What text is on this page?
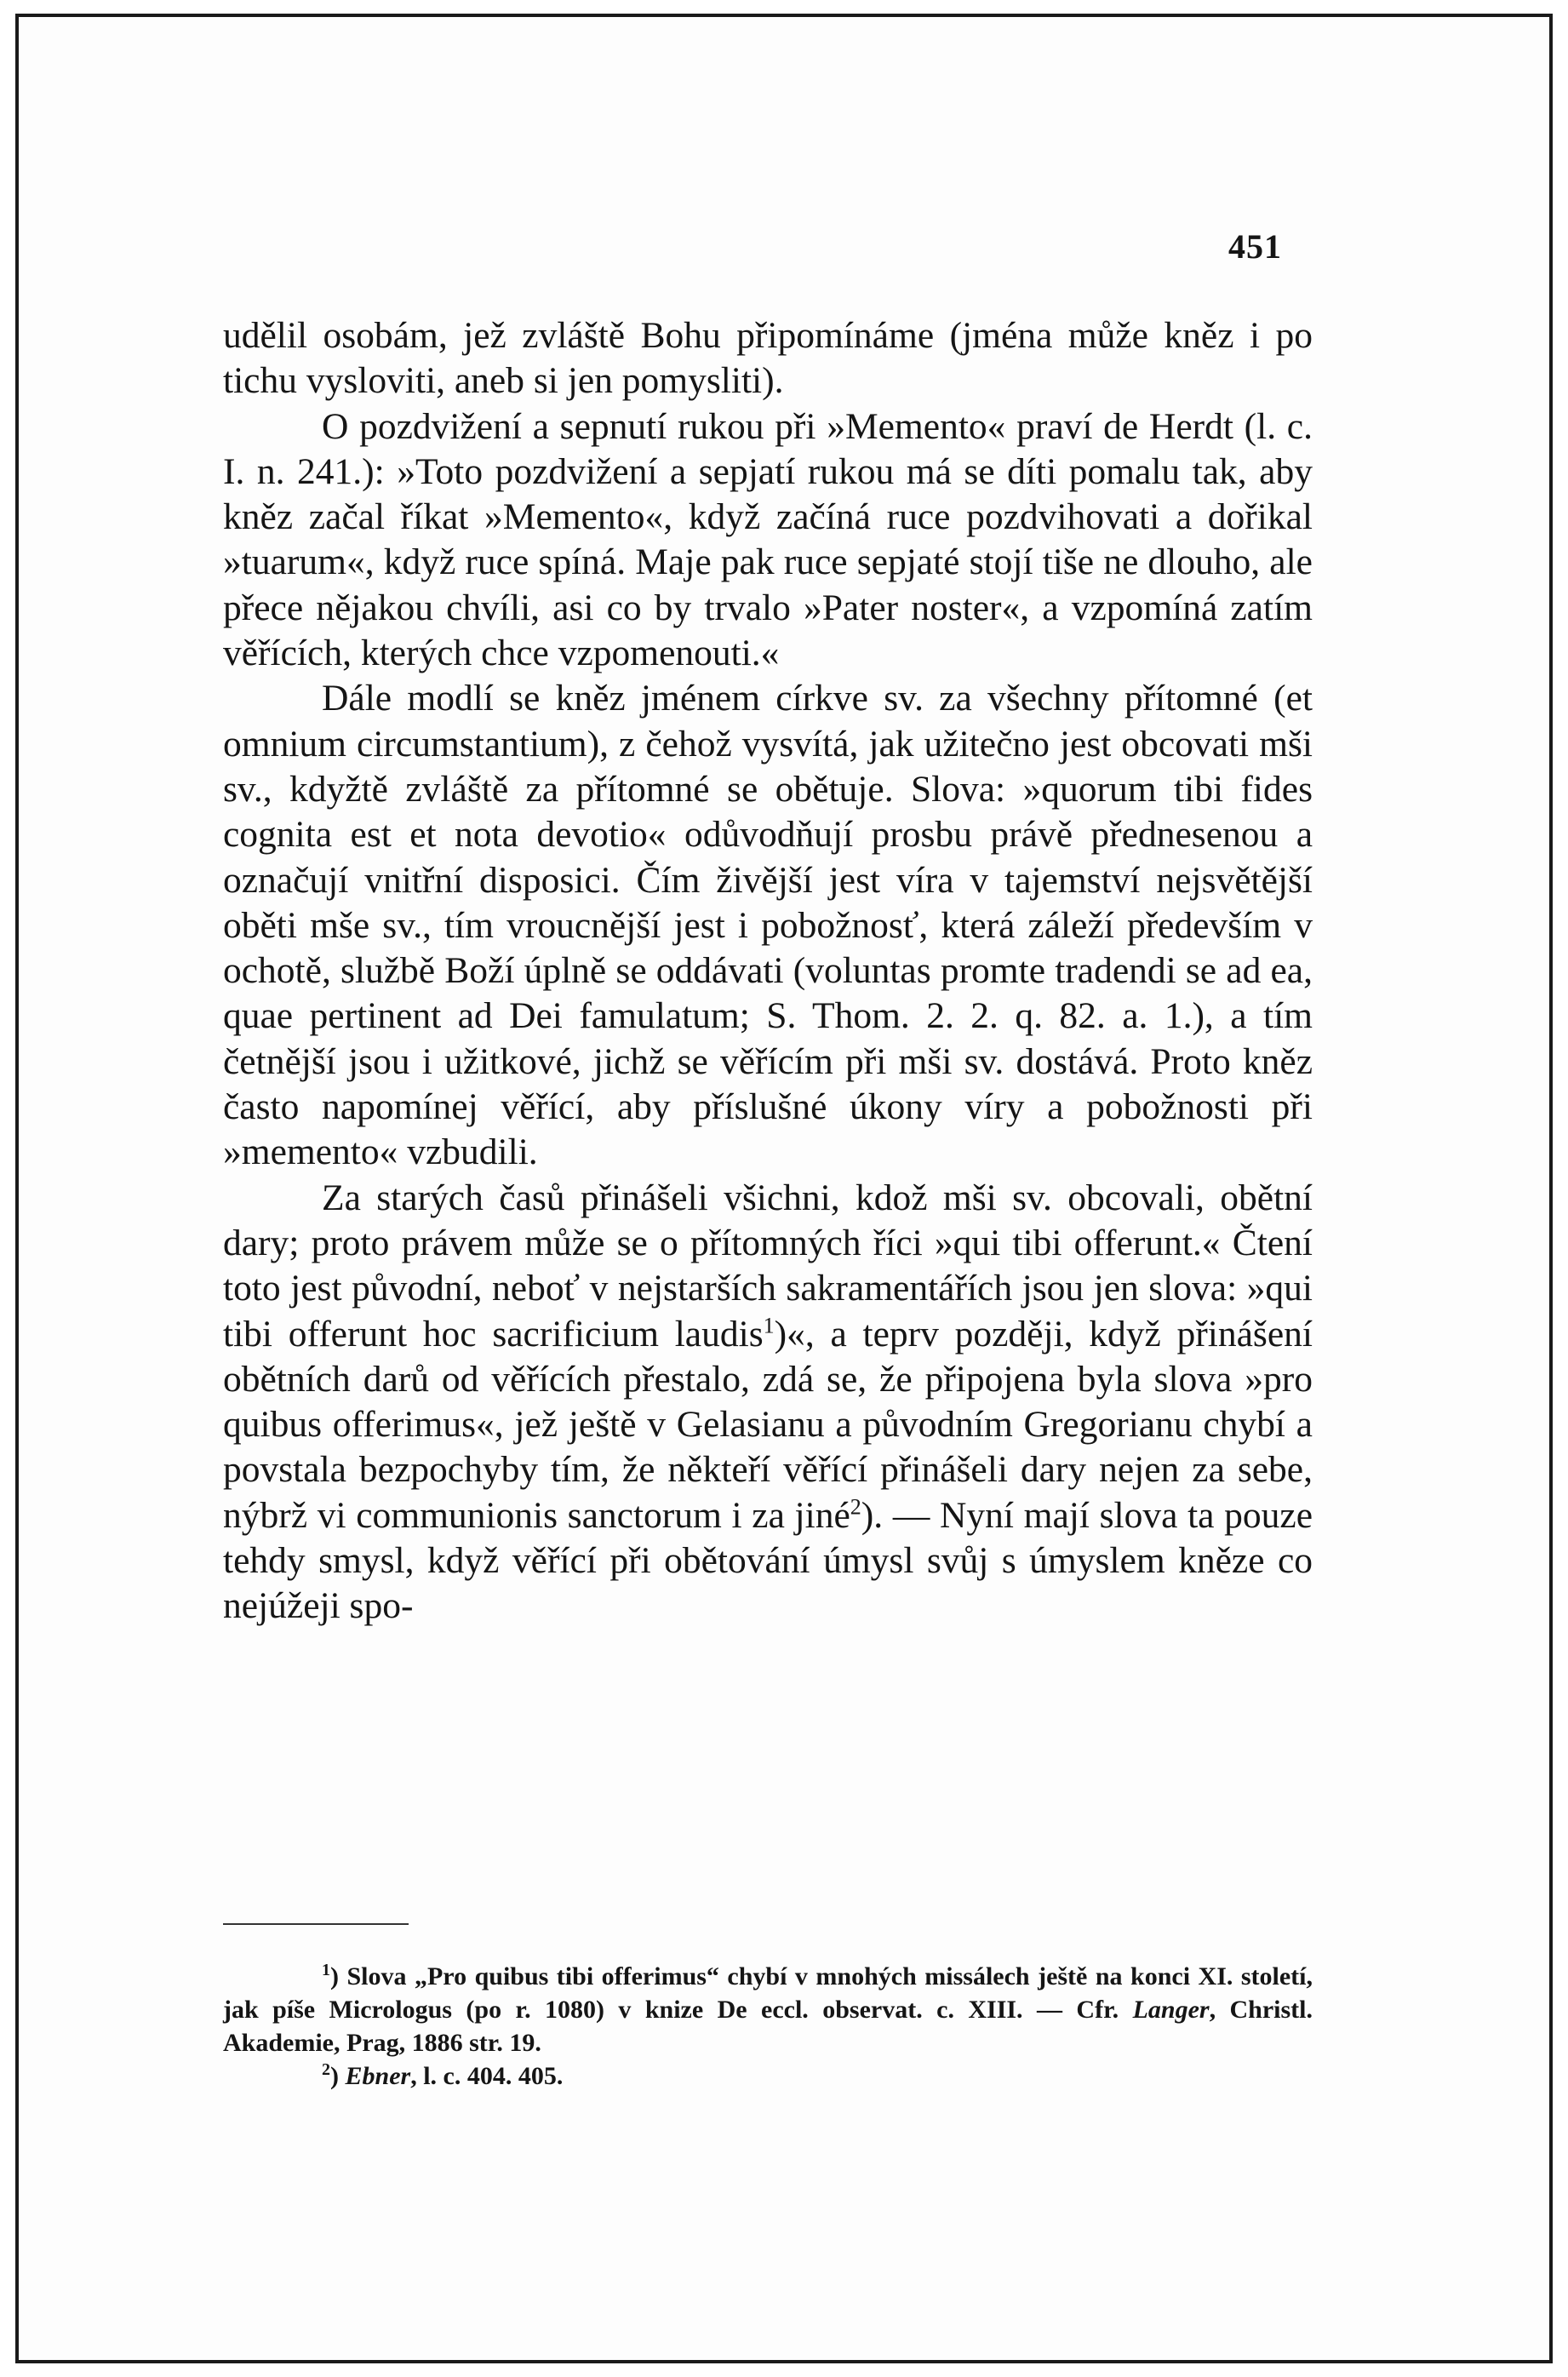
451

udělil osobám, jež zvláště Bohu připomínáme (jména může kněz i po tichu vysloviti, aneb si jen pomysliti).

O pozdvižení a sepnutí rukou při »Memento« praví de Herdt (l. c. I. n. 241.): »Toto pozdvižení a sepjatí rukou má se díti pomalu tak, aby kněz začal říkat »Memento«, když začíná ruce pozdvihovati a dořikal »tuarum«, když ruce spíná. Maje pak ruce sepjaté stojí tiše ne dlouho, ale přece nějakou chvíli, asi co by trvalo »Pater noster«, a vzpomíná zatím věřících, kterých chce vzpomenouti.«

Dále modlí se kněz jménem církve sv. za všechny přítomné (et omnium circumstantium), z čehož vysvítá, jak užitečno jest obcovati mši sv., kdyžtě zvláště za přítomné se obětuje. Slova: »quorum tibi fides cognita est et nota devotio« odůvodňují prosbu právě přednesenou a označují vnitřní disposici. Čím živější jest víra v tajemství nejsvětější oběti mše sv., tím vroucnější jest i pobožnosť, která záleží především v ochotě, službě Boží úplně se oddávati (voluntas promte tradendi se ad ea, quae pertinent ad Dei famulatum; S. Thom. 2. 2. q. 82. a. 1.), a tím četnější jsou i užitkové, jichž se věřícím při mši sv. dostává. Proto kněz často napomínej věřící, aby příslušné úkony víry a pobožnosti při »memento« vzbudili.

Za starých časů přinášeli všichni, kdož mši sv. obcovali, obětní dary; proto právem může se o přítomných říci »qui tibi offerunt.« Čtení toto jest původní, neboť v nejstarších sakramentářích jsou jen slova: »qui tibi offerunt hoc sacrificium laudis$^1$)«, a teprv později, když přinášení obětních darů od věřících přestalo, zdá se, že připojena byla slova »pro quibus offerimus«, jež ještě v Gelasianu a původním Gregorianu chybí a povstala bezpochyby tím, že někteří věřící přinášeli dary nejen za sebe, nýbrž vi communionis sanctorum i za jiné$^2$). — Nyní mají slova ta pouze tehdy smysl, když věřící při obětování úmysl svůj s úmyslem kněze co nejúžeji spo-

$^1$) Slova „Pro quibus tibi offerimus“ chybí v mnohých missálech ještě na konci XI. století, jak píše Micrologus (po r. 1080) v knize De eccl. observat. c. XIII. — Cfr. Langer, Christl. Akademie, Prag, 1886 str. 19.

$^2$) Ebner, l. c. 404. 405.
